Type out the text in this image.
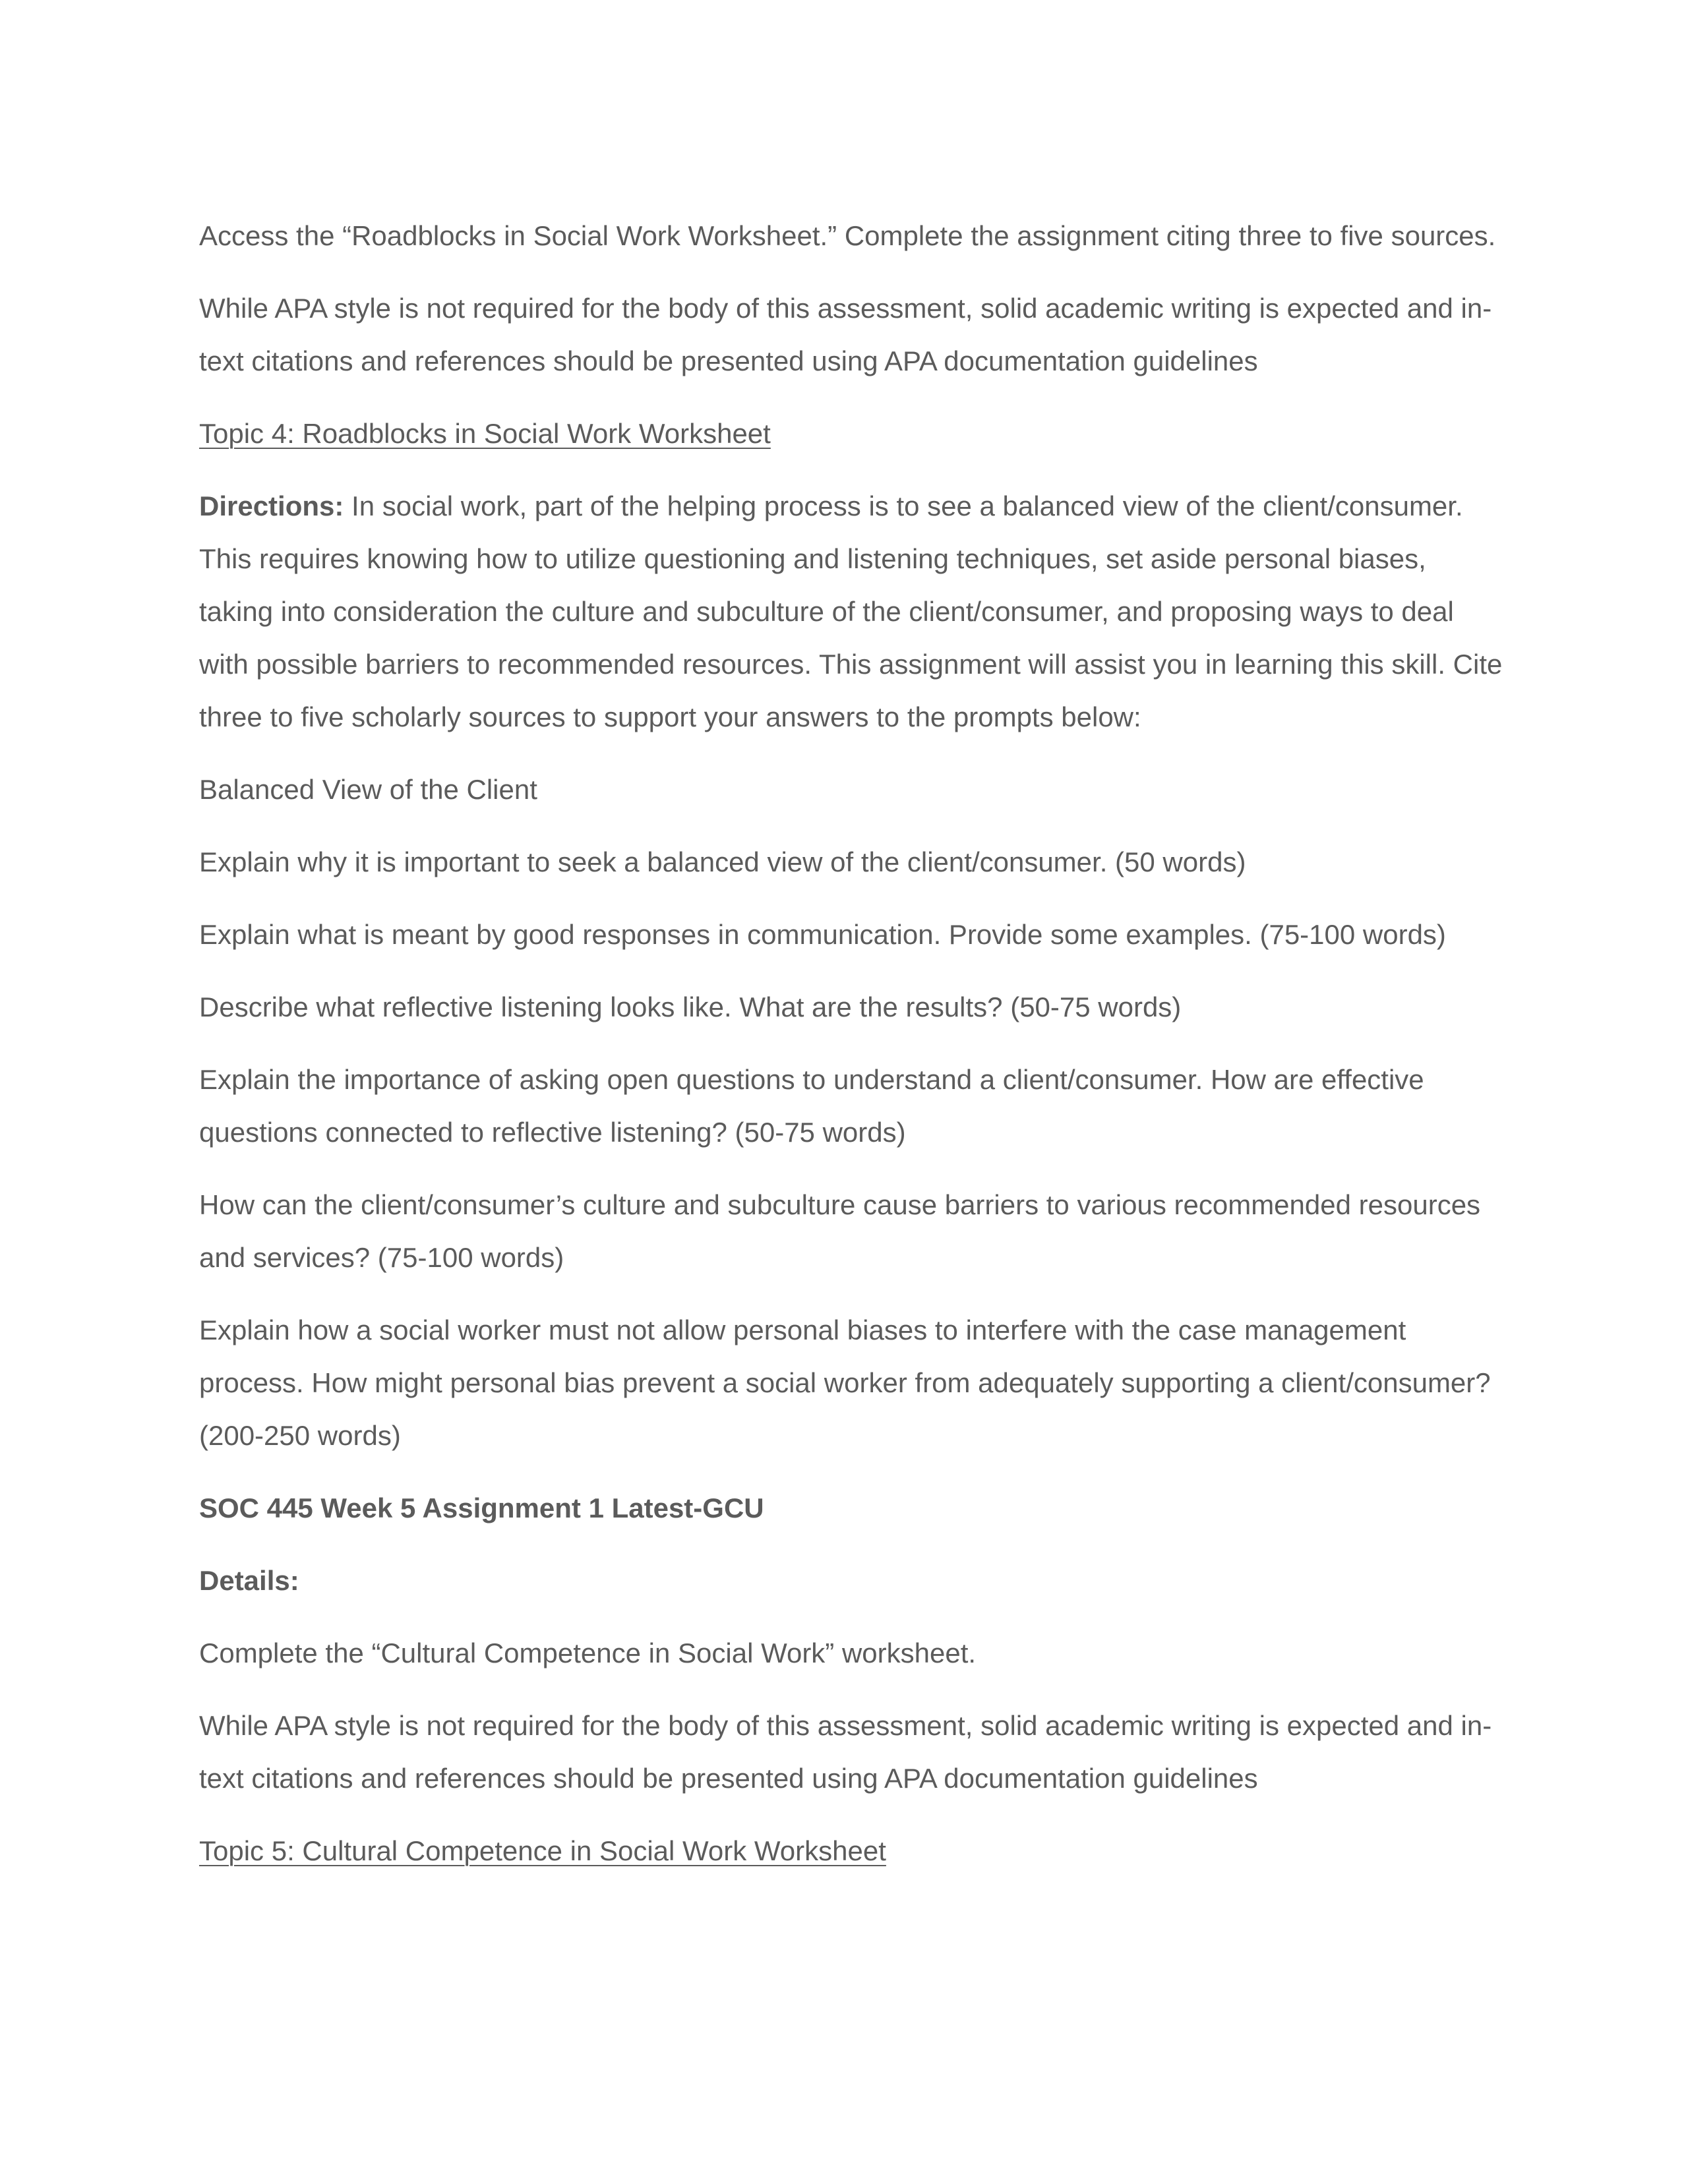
Access the “Roadblocks in Social Work Worksheet.” Complete the assignment citing three to five sources.

While APA style is not required for the body of this assessment, solid academic writing is expected and in-text citations and references should be presented using APA documentation guidelines

Topic 4: Roadblocks in Social Work Worksheet

Directions: In social work, part of the helping process is to see a balanced view of the client/consumer. This requires knowing how to utilize questioning and listening techniques, set aside personal biases, taking into consideration the culture and subculture of the client/consumer, and proposing ways to deal with possible barriers to recommended resources. This assignment will assist you in learning this skill. Cite three to five scholarly sources to support your answers to the prompts below:

Balanced View of the Client

Explain why it is important to seek a balanced view of the client/consumer. (50 words)

Explain what is meant by good responses in communication. Provide some examples. (75-100 words)

Describe what reflective listening looks like. What are the results? (50-75 words)

Explain the importance of asking open questions to understand a client/consumer. How are effective questions connected to reflective listening? (50-75 words)

How can the client/consumer’s culture and subculture cause barriers to various recommended resources and services? (75-100 words)

Explain how a social worker must not allow personal biases to interfere with the case management process. How might personal bias prevent a social worker from adequately supporting a client/consumer? (200-250 words)

SOC 445 Week 5 Assignment 1 Latest-GCU

Details:

Complete the “Cultural Competence in Social Work” worksheet.

While APA style is not required for the body of this assessment, solid academic writing is expected and in-text citations and references should be presented using APA documentation guidelines

Topic 5: Cultural Competence in Social Work Worksheet
